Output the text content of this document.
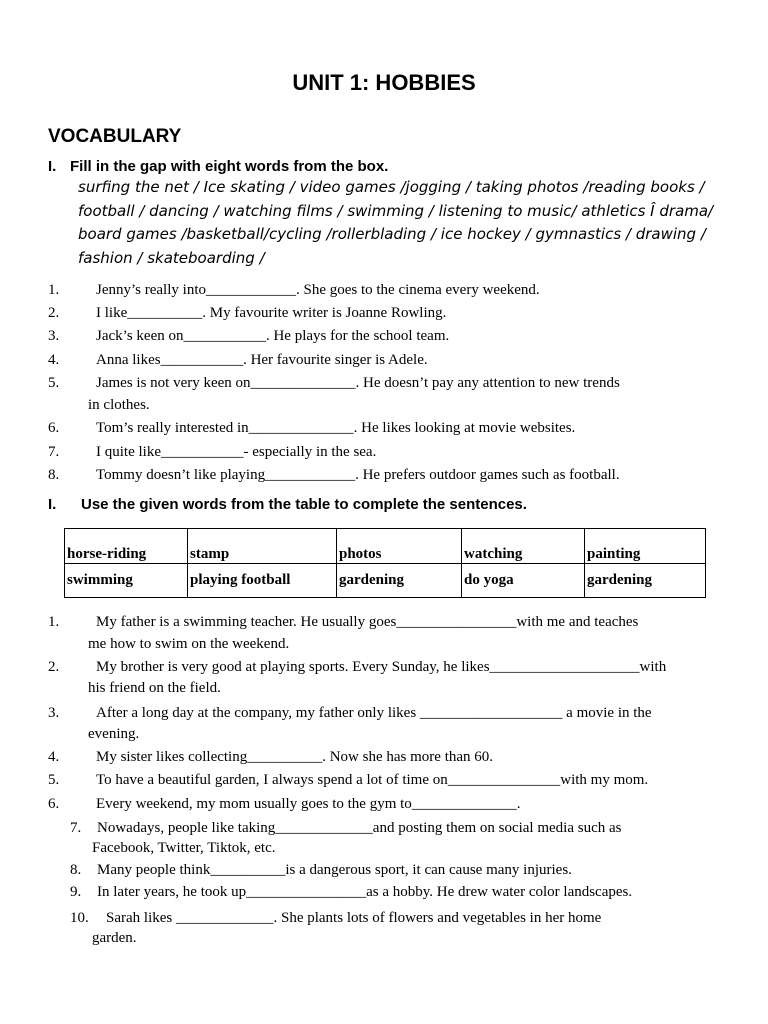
UNIT 1: HOBBIES
VOCABULARY
I. Fill in the gap with eight words from the box.
surfing the net / Ice skating / video games /jogging / taking photos /reading books /
football / dancing / watching films / swimming / listening to music/ athletics Î drama/
board games /basketball/cycling /rollerblading / ice hockey / gymnastics / drawing /
fashion / skateboarding /
1.	Jenny’s really into____________. She goes to the cinema every weekend.
2.	I like__________. My favourite writer is Joanne Rowling.
3.	Jack’s keen on___________. He plays for the school team.
4.	Anna likes___________. Her favourite singer is Adele.
5.	James is not very keen on______________. He doesn’t pay any attention to new trends
in clothes.
6.	Tom’s really interested in______________. He likes looking at movie websites.
7.	I quite like___________- especially in the sea.
8.	Tommy doesn’t like playing____________. He prefers outdoor games such as football.
I. Use the given words from the table to complete the sentences.
horse-riding	stamp	photos	watching	painting
swimming	playing football	gardening	do yoga	gardening
1.	My father is a swimming teacher. He usually goes________________with me and teaches
me how to swim on the weekend.
2.	My brother is very good at playing sports. Every Sunday, he likes____________________with
his friend on the field.
3.	After a long day at the company, my father only likes ___________________ a movie in the
evening.
4.	My sister likes collecting__________. Now she has more than 60.
5.	To have a beautiful garden, I always spend a lot of time on_______________with my mom.
6.	Every weekend, my mom usually goes to the gym to______________.
7.	Nowadays, people like taking_____________and posting them on social media such as
Facebook, Twitter, Tiktok, etc.
8.	Many people think__________is a dangerous sport, it can cause many injuries.
9.	In later years, he took up________________as a hobby. He drew water color landscapes.
10.	Sarah likes _____________. She plants lots of flowers and vegetables in her home
garden.
